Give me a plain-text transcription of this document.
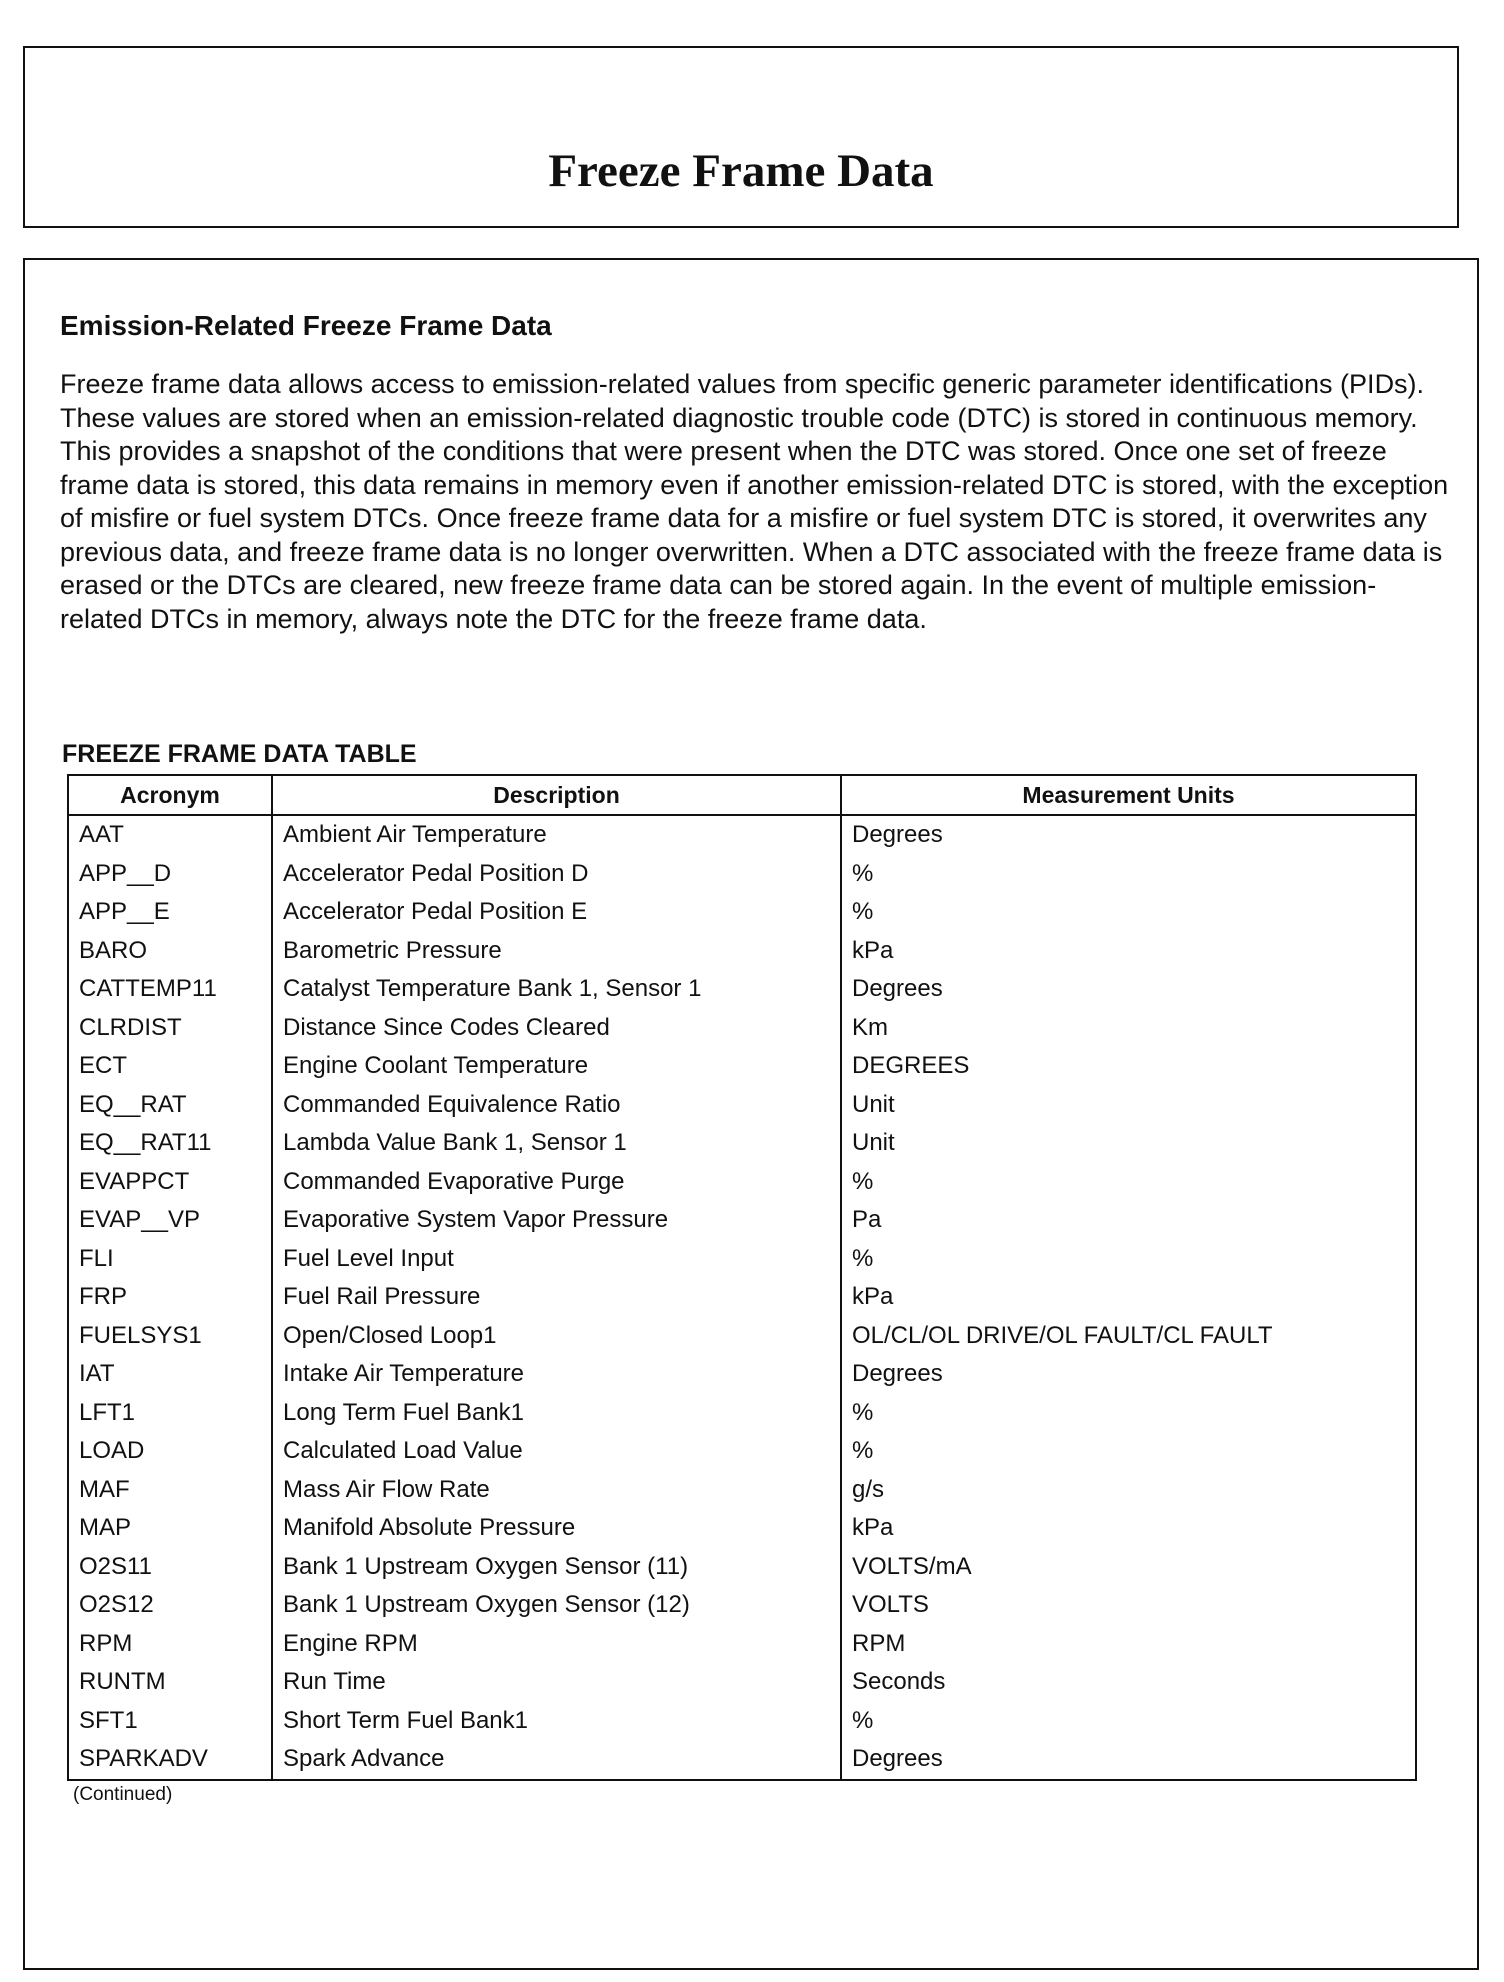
Freeze Frame Data
Emission-Related Freeze Frame Data

Freeze frame data allows access to emission-related values from specific generic parameter identifications (PIDs). These values are stored when an emission-related diagnostic trouble code (DTC) is stored in continuous memory. This provides a snapshot of the conditions that were present when the DTC was stored. Once one set of freeze frame data is stored, this data remains in memory even if another emission-related DTC is stored, with the exception of misfire or fuel system DTCs. Once freeze frame data for a misfire or fuel system DTC is stored, it overwrites any previous data, and freeze frame data is no longer overwritten. When a DTC associated with the freeze frame data is erased or the DTCs are cleared, new freeze frame data can be stored again. In the event of multiple emission-related DTCs in memory, always note the DTC for the freeze frame data.

FREEZE FRAME DATA TABLE
Acronym	Description	Measurement Units
AAT	Ambient Air Temperature	Degrees
APP__D	Accelerator Pedal Position D	%
APP__E	Accelerator Pedal Position E	%
BARO	Barometric Pressure	kPa
CATTEMP11	Catalyst Temperature Bank 1, Sensor 1	Degrees
CLRDIST	Distance Since Codes Cleared	Km
ECT	Engine Coolant Temperature	DEGREES
EQ__RAT	Commanded Equivalence Ratio	Unit
EQ__RAT11	Lambda Value Bank 1, Sensor 1	Unit
EVAPPCT	Commanded Evaporative Purge	%
EVAP__VP	Evaporative System Vapor Pressure	Pa
FLI	Fuel Level Input	%
FRP	Fuel Rail Pressure	kPa
FUELSYS1	Open/Closed Loop1	OL/CL/OL DRIVE/OL FAULT/CL FAULT
IAT	Intake Air Temperature	Degrees
LFT1	Long Term Fuel Bank1	%
LOAD	Calculated Load Value	%
MAF	Mass Air Flow Rate	g/s
MAP	Manifold Absolute Pressure	kPa
O2S11	Bank 1 Upstream Oxygen Sensor (11)	VOLTS/mA
O2S12	Bank 1 Upstream Oxygen Sensor (12)	VOLTS
RPM	Engine RPM	RPM
RUNTM	Run Time	Seconds
SFT1	Short Term Fuel Bank1	%
SPARKADV	Spark Advance	Degrees

(Continued)
